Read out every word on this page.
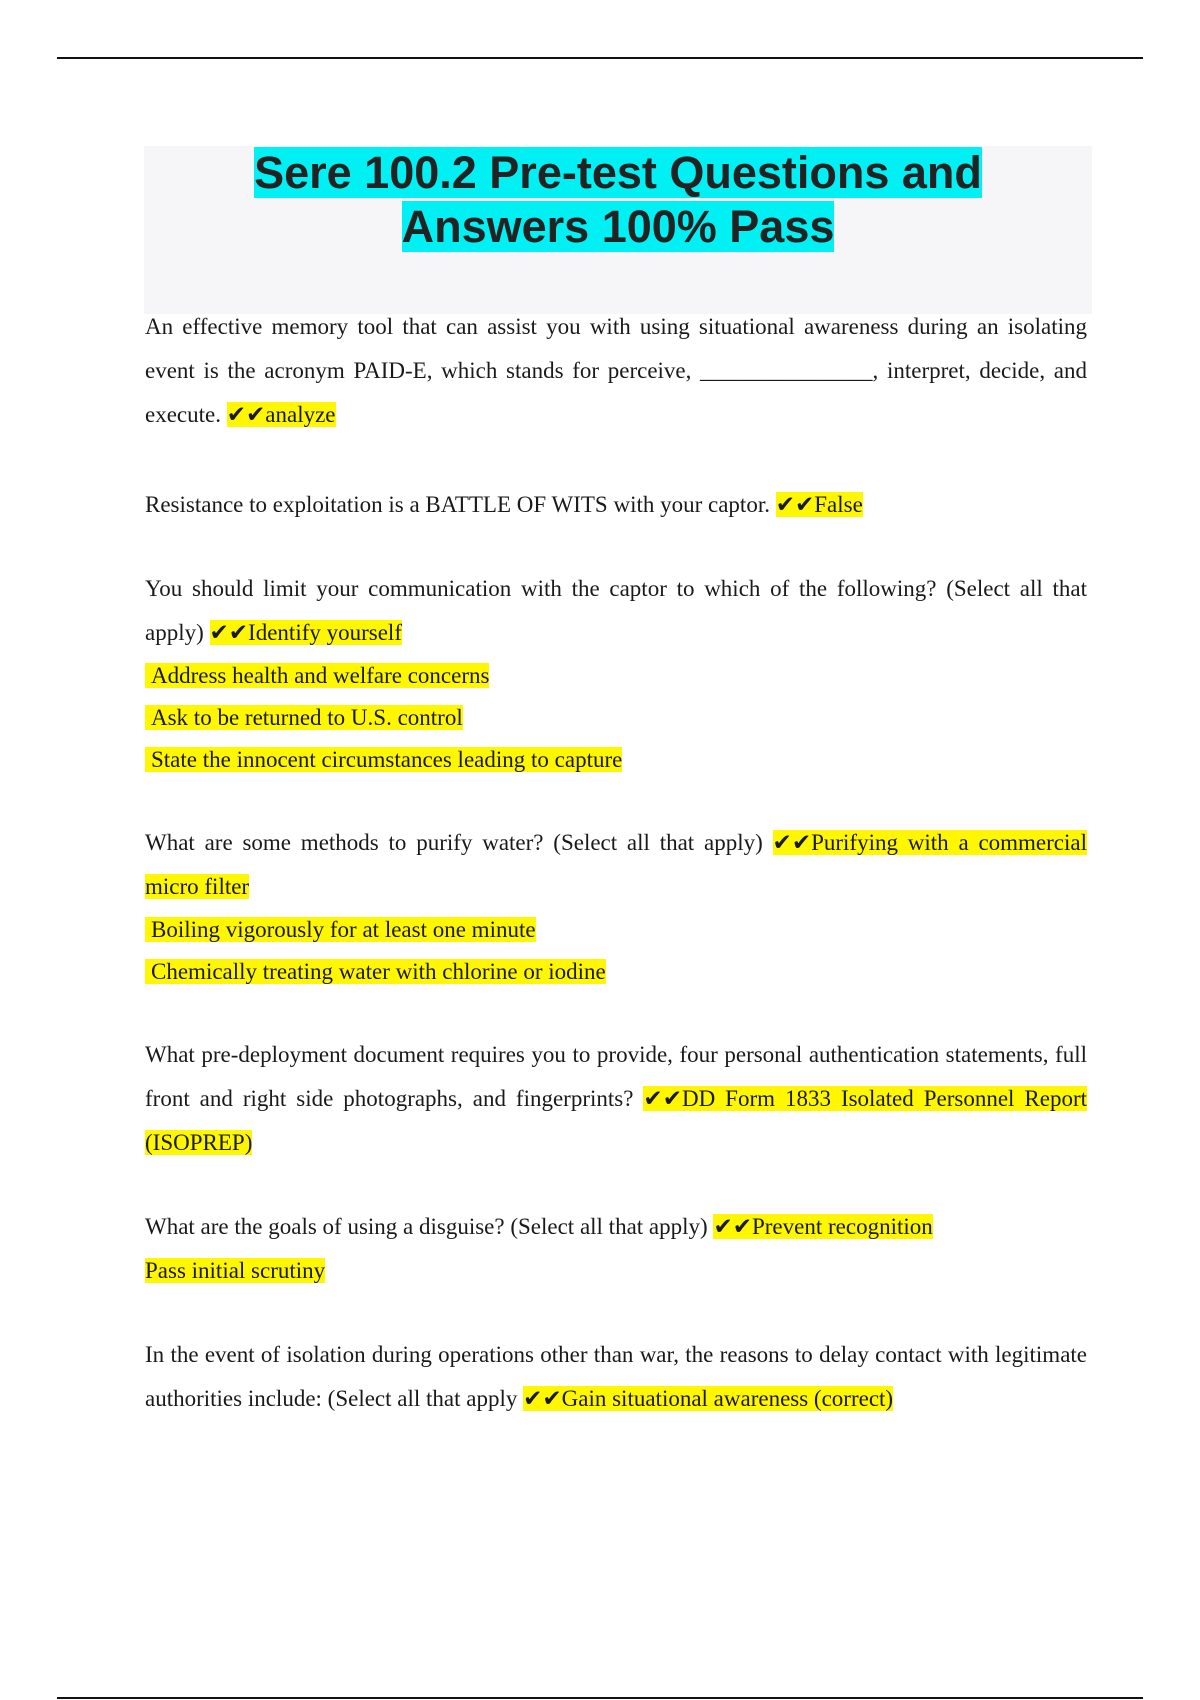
Sere 100.2 Pre-test Questions and
Answers 100% Pass

An effective memory tool that can assist you with using situational awareness during an isolating event is the acronym PAID-E, which stands for perceive, _______________, interpret, decide, and execute. ✔✔analyze

Resistance to exploitation is a BATTLE OF WITS with your captor. ✔✔False

You should limit your communication with the captor to which of the following? (Select all that apply) ✔✔Identify yourself

Address health and welfare concerns

Ask to be returned to U.S. control

State the innocent circumstances leading to capture

What are some methods to purify water? (Select all that apply) ✔✔Purifying with a commercial micro filter

Boiling vigorously for at least one minute

Chemically treating water with chlorine or iodine

What pre-deployment document requires you to provide, four personal authentication statements, full front and right side photographs, and fingerprints? ✔✔DD Form 1833 Isolated Personnel Report (ISOPREP)

What are the goals of using a disguise? (Select all that apply) ✔✔Prevent recognition

Pass initial scrutiny

In the event of isolation during operations other than war, the reasons to delay contact with legitimate authorities include: (Select all that apply ✔✔Gain situational awareness (correct)
